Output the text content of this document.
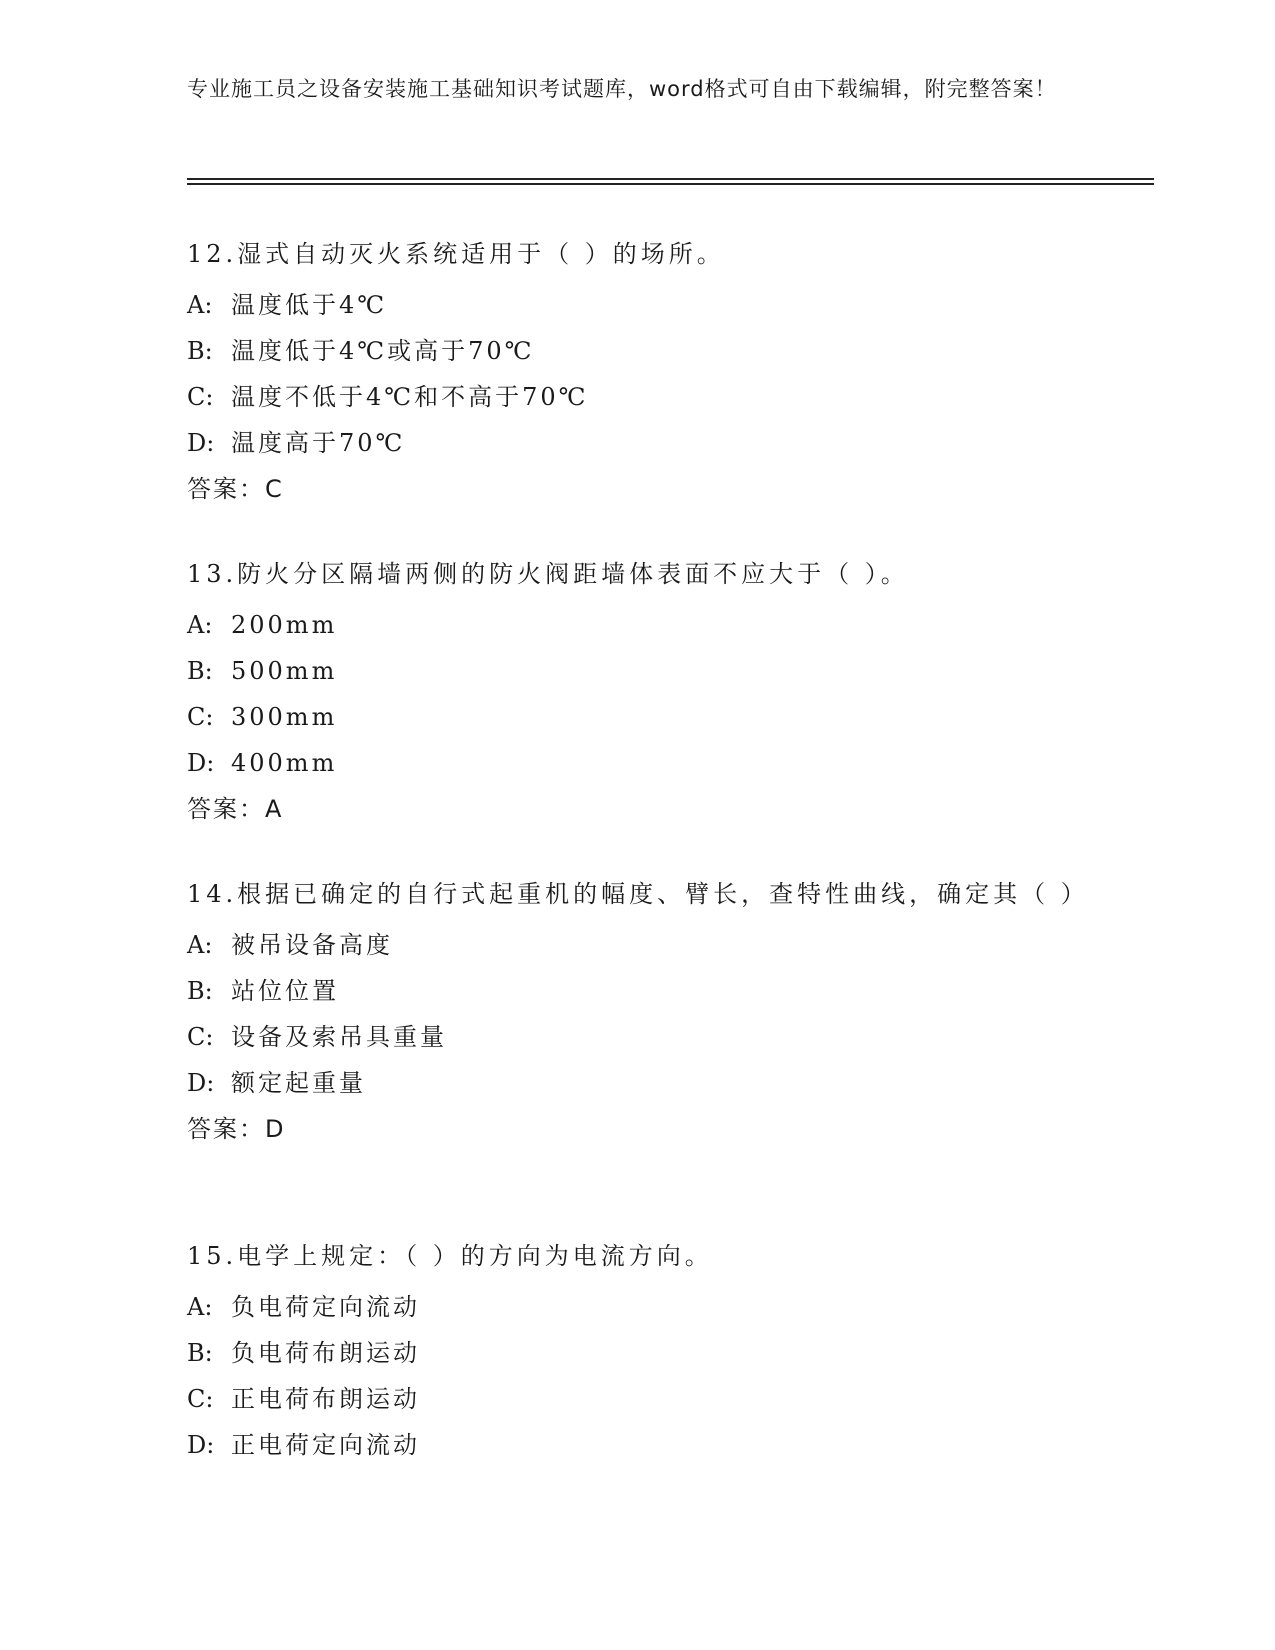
专业施工员之设备安装施工基础知识考试题库，word格式可自由下载编辑，附完整答案！

12.湿式自动灭火系统适用于（ ）的场所。

A: 温度低于4℃
B: 温度低于4℃或高于70℃
C: 温度不低于4℃和不高于70℃
D: 温度高于70℃
答案：C

13.防火分区隔墙两侧的防火阀距墙体表面不应大于（ ）。

A: 200mm
B: 500mm
C: 300mm
D: 400mm
答案：A

14.根据已确定的自行式起重机的幅度、臂长，查特性曲线，确定其（ ）

A: 被吊设备高度
B: 站位位置
C: 设备及索吊具重量
D: 额定起重量
答案：D

15.电学上规定：（ ）的方向为电流方向。

A: 负电荷定向流动
B: 负电荷布朗运动
C: 正电荷布朗运动
D: 正电荷定向流动
